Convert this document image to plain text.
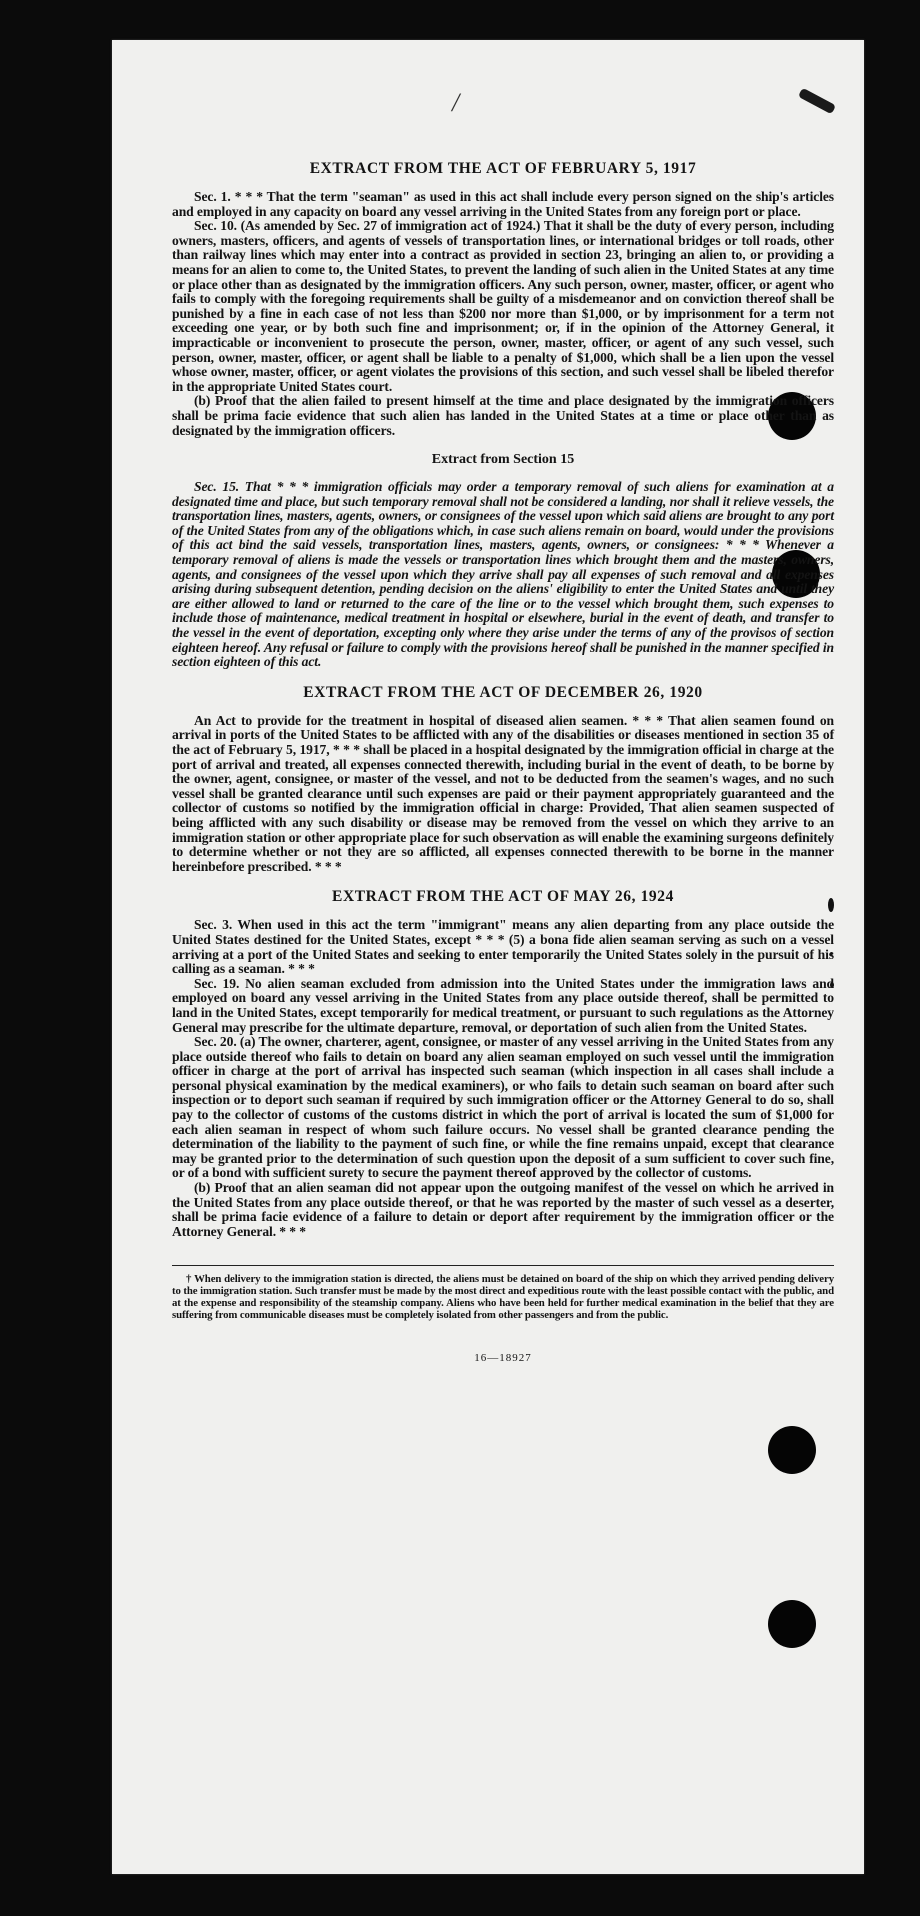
/
EXTRACT FROM THE ACT OF FEBRUARY 5, 1917

Sec. 1. * * * That the term "seaman" as used in this act shall include every person signed on the ship's articles and employed in any capacity on board any vessel arriving in the United States from any foreign port or place.

Sec. 10. (As amended by Sec. 27 of immigration act of 1924.) That it shall be the duty of every person, including owners, masters, officers, and agents of vessels of transportation lines, or international bridges or toll roads, other than railway lines which may enter into a contract as provided in section 23, bringing an alien to, or providing a means for an alien to come to, the United States, to prevent the landing of such alien in the United States at any time or place other than as designated by the immigration officers. Any such person, owner, master, officer, or agent who fails to comply with the foregoing requirements shall be guilty of a misdemeanor and on conviction thereof shall be punished by a fine in each case of not less than $200 nor more than $1,000, or by imprisonment for a term not exceeding one year, or by both such fine and imprisonment; or, if in the opinion of the Attorney General, it impracticable or inconvenient to prosecute the person, owner, master, officer, or agent of any such vessel, such person, owner, master, officer, or agent shall be liable to a penalty of $1,000, which shall be a lien upon the vessel whose owner, master, officer, or agent violates the provisions of this section, and such vessel shall be libeled therefor in the appropriate United States court.

(b) Proof that the alien failed to present himself at the time and place designated by the immigration officers shall be prima facie evidence that such alien has landed in the United States at a time or place other than as designated by the immigration officers.

Extract from Section 15

Sec. 15. That * * * immigration officials may order a temporary removal of such aliens for examination at a designated time and place, but such temporary removal shall not be considered a landing, nor shall it relieve vessels, the transportation lines, masters, agents, owners, or consignees of the vessel upon which said aliens are brought to any port of the United States from any of the obligations which, in case such aliens remain on board, would under the provisions of this act bind the said vessels, transportation lines, masters, agents, owners, or consignees: * * * Whenever a temporary removal of aliens is made the vessels or transportation lines which brought them and the masters, owners, agents, and consignees of the vessel upon which they arrive shall pay all expenses of such removal and all expenses arising during subsequent detention, pending decision on the aliens' eligibility to enter the United States and until they are either allowed to land or returned to the care of the line or to the vessel which brought them, such expenses to include those of maintenance, medical treatment in hospital or elsewhere, burial in the event of death, and transfer to the vessel in the event of deportation, excepting only where they arise under the terms of any of the provisos of section eighteen hereof. Any refusal or failure to comply with the provisions hereof shall be punished in the manner specified in section eighteen of this act.

EXTRACT FROM THE ACT OF DECEMBER 26, 1920

An Act to provide for the treatment in hospital of diseased alien seamen. * * * That alien seamen found on arrival in ports of the United States to be afflicted with any of the disabilities or diseases mentioned in section 35 of the act of February 5, 1917, * * * shall be placed in a hospital designated by the immigration official in charge at the port of arrival and treated, all expenses connected therewith, including burial in the event of death, to be borne by the owner, agent, consignee, or master of the vessel, and not to be deducted from the seamen's wages, and no such vessel shall be granted clearance until such expenses are paid or their payment appropriately guaranteed and the collector of customs so notified by the immigration official in charge: Provided, That alien seamen suspected of being afflicted with any such disability or disease may be removed from the vessel on which they arrive to an immigration station or other appropriate place for such observation as will enable the examining surgeons definitely to determine whether or not they are so afflicted, all expenses connected therewith to be borne in the manner hereinbefore prescribed. * * *

EXTRACT FROM THE ACT OF MAY 26, 1924

Sec. 3. When used in this act the term "immigrant" means any alien departing from any place outside the United States destined for the United States, except * * * (5) a bona fide alien seaman serving as such on a vessel arriving at a port of the United States and seeking to enter temporarily the United States solely in the pursuit of his calling as a seaman. * * *

Sec. 19. No alien seaman excluded from admission into the United States under the immigration laws and employed on board any vessel arriving in the United States from any place outside thereof, shall be permitted to land in the United States, except temporarily for medical treatment, or pursuant to such regulations as the Attorney General may prescribe for the ultimate departure, removal, or deportation of such alien from the United States.

Sec. 20. (a) The owner, charterer, agent, consignee, or master of any vessel arriving in the United States from any place outside thereof who fails to detain on board any alien seaman employed on such vessel until the immigration officer in charge at the port of arrival has inspected such seaman (which inspection in all cases shall include a personal physical examination by the medical examiners), or who fails to detain such seaman on board after such inspection or to deport such seaman if required by such immigration officer or the Attorney General to do so, shall pay to the collector of customs of the customs district in which the port of arrival is located the sum of $1,000 for each alien seaman in respect of whom such failure occurs. No vessel shall be granted clearance pending the determination of the liability to the payment of such fine, or while the fine remains unpaid, except that clearance may be granted prior to the determination of such question upon the deposit of a sum sufficient to cover such fine, or of a bond with sufficient surety to secure the payment thereof approved by the collector of customs.

(b) Proof that an alien seaman did not appear upon the outgoing manifest of the vessel on which he arrived in the United States from any place outside thereof, or that he was reported by the master of such vessel as a deserter, shall be prima facie evidence of a failure to detain or deport after requirement by the immigration officer or the Attorney General. * * *

† When delivery to the immigration station is directed, the aliens must be detained on board of the ship on which they arrived pending delivery to the immigration station. Such transfer must be made by the most direct and expeditious route with the least possible contact with the public, and at the expense and responsibility of the steamship company. Aliens who have been held for further medical examination in the belief that they are suffering from communicable diseases must be completely isolated from other passengers and from the public.

16—18927
